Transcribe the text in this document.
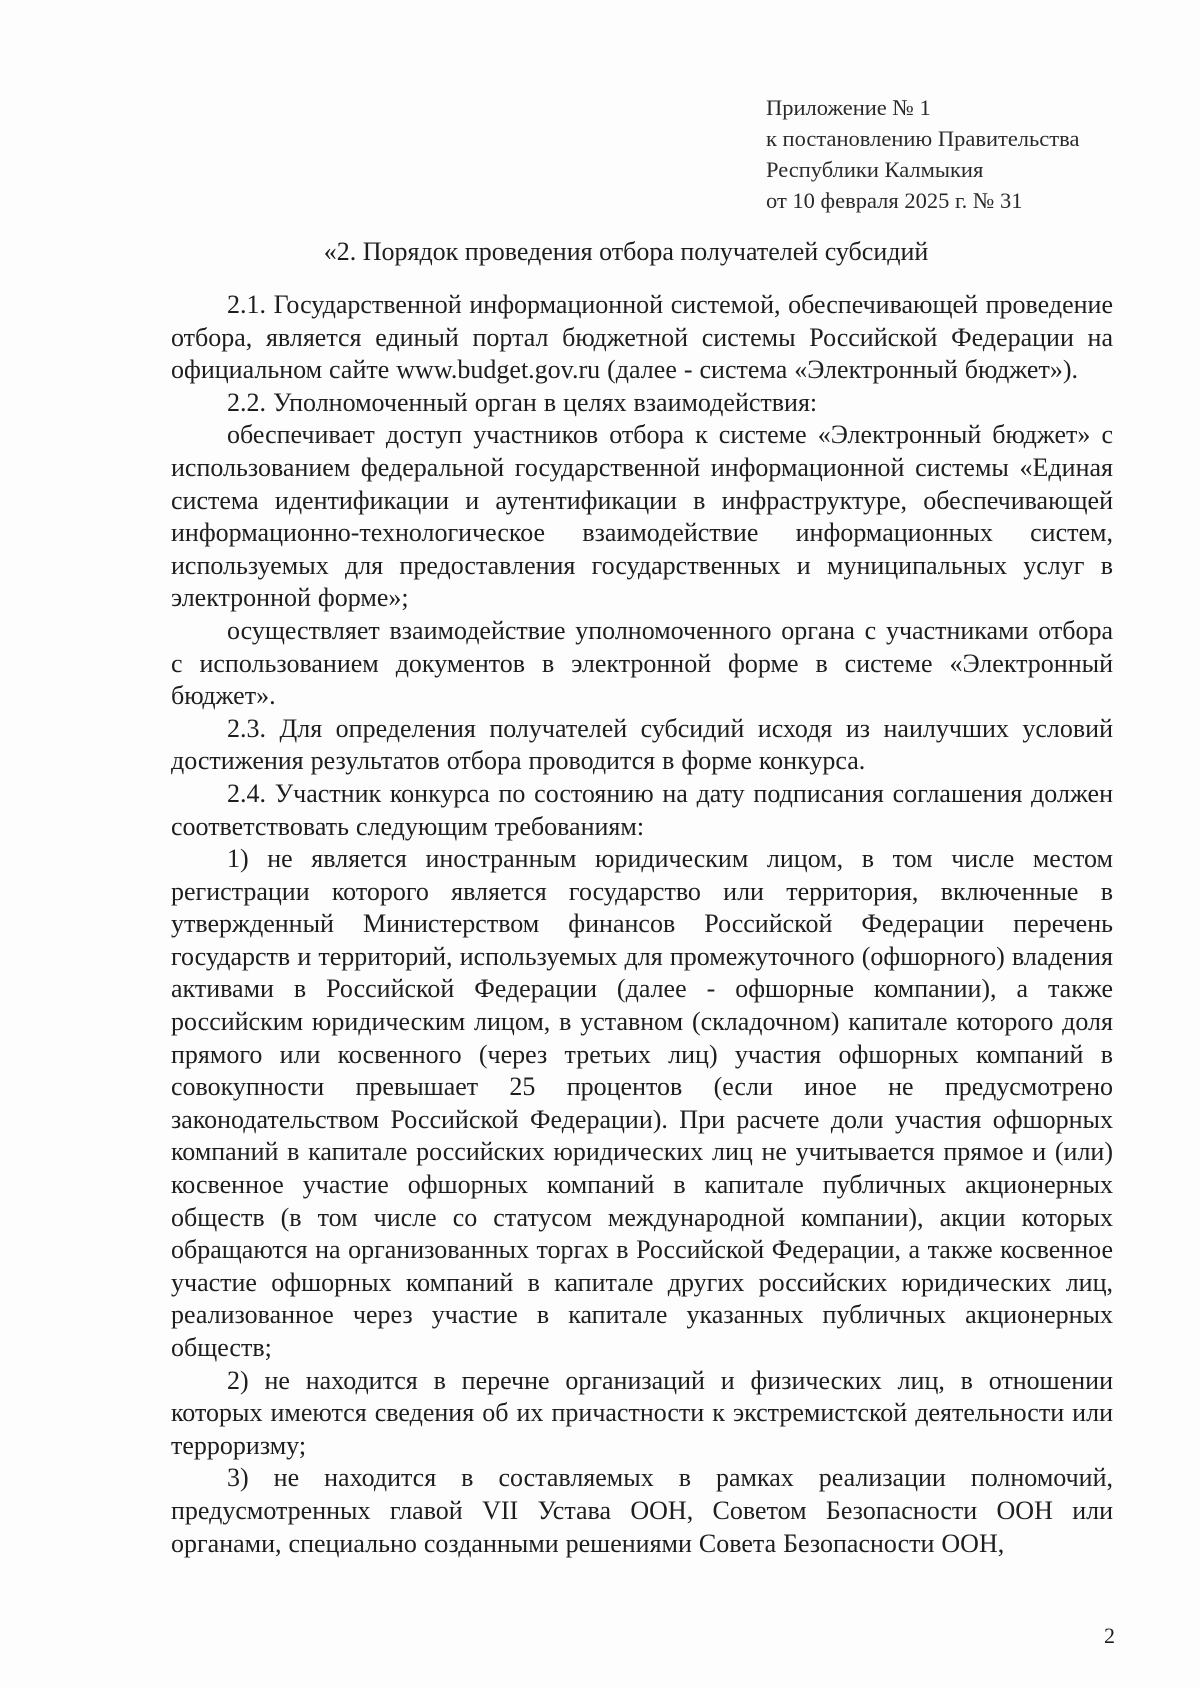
Приложение № 1
к постановлению Правительства
Республики Калмыкия
от 10 февраля 2025 г. № 31
«2. Порядок проведения отбора получателей субсидий

2.1. Государственной информационной системой, обеспечивающей проведение отбора, является единый портал бюджетной системы Российской Федерации на официальном сайте www.budget.gov.ru (далее - система «Электронный бюджет»).

2.2. Уполномоченный орган в целях взаимодействия:

обеспечивает доступ участников отбора к системе «Электронный бюджет» с использованием федеральной государственной информационной системы «Единая система идентификации и аутентификации в инфраструктуре, обеспечивающей информационно-технологическое взаимодействие информационных систем, используемых для предоставления государственных и муниципальных услуг в электронной форме»;

осуществляет взаимодействие уполномоченного органа с участниками отбора с использованием документов в электронной форме в системе «Электронный бюджет».

2.3. Для определения получателей субсидий исходя из наилучших условий достижения результатов отбора проводится в форме конкурса.

2.4. Участник конкурса по состоянию на дату подписания соглашения должен соответствовать следующим требованиям:

1) не является иностранным юридическим лицом, в том числе местом регистрации которого является государство или территория, включенные в утвержденный Министерством финансов Российской Федерации перечень государств и территорий, используемых для промежуточного (офшорного) владения активами в Российской Федерации (далее - офшорные компании), а также российским юридическим лицом, в уставном (складочном) капитале которого доля прямого или косвенного (через третьих лиц) участия офшорных компаний в совокупности превышает 25 процентов (если иное не предусмотрено законодательством Российской Федерации). При расчете доли участия офшорных компаний в капитале российских юридических лиц не учитывается прямое и (или) косвенное участие офшорных компаний в капитале публичных акционерных обществ (в том числе со статусом международной компании), акции которых обращаются на организованных торгах в Российской Федерации, а также косвенное участие офшорных компаний в капитале других российских юридических лиц, реализованное через участие в капитале указанных публичных акционерных обществ;

2) не находится в перечне организаций и физических лиц, в отношении которых имеются сведения об их причастности к экстремистской деятельности или терроризму;

3) не находится в составляемых в рамках реализации полномочий, предусмотренных главой VII Устава ООН, Советом Безопасности ООН или органами, специально созданными решениями Совета Безопасности ООН,

2
